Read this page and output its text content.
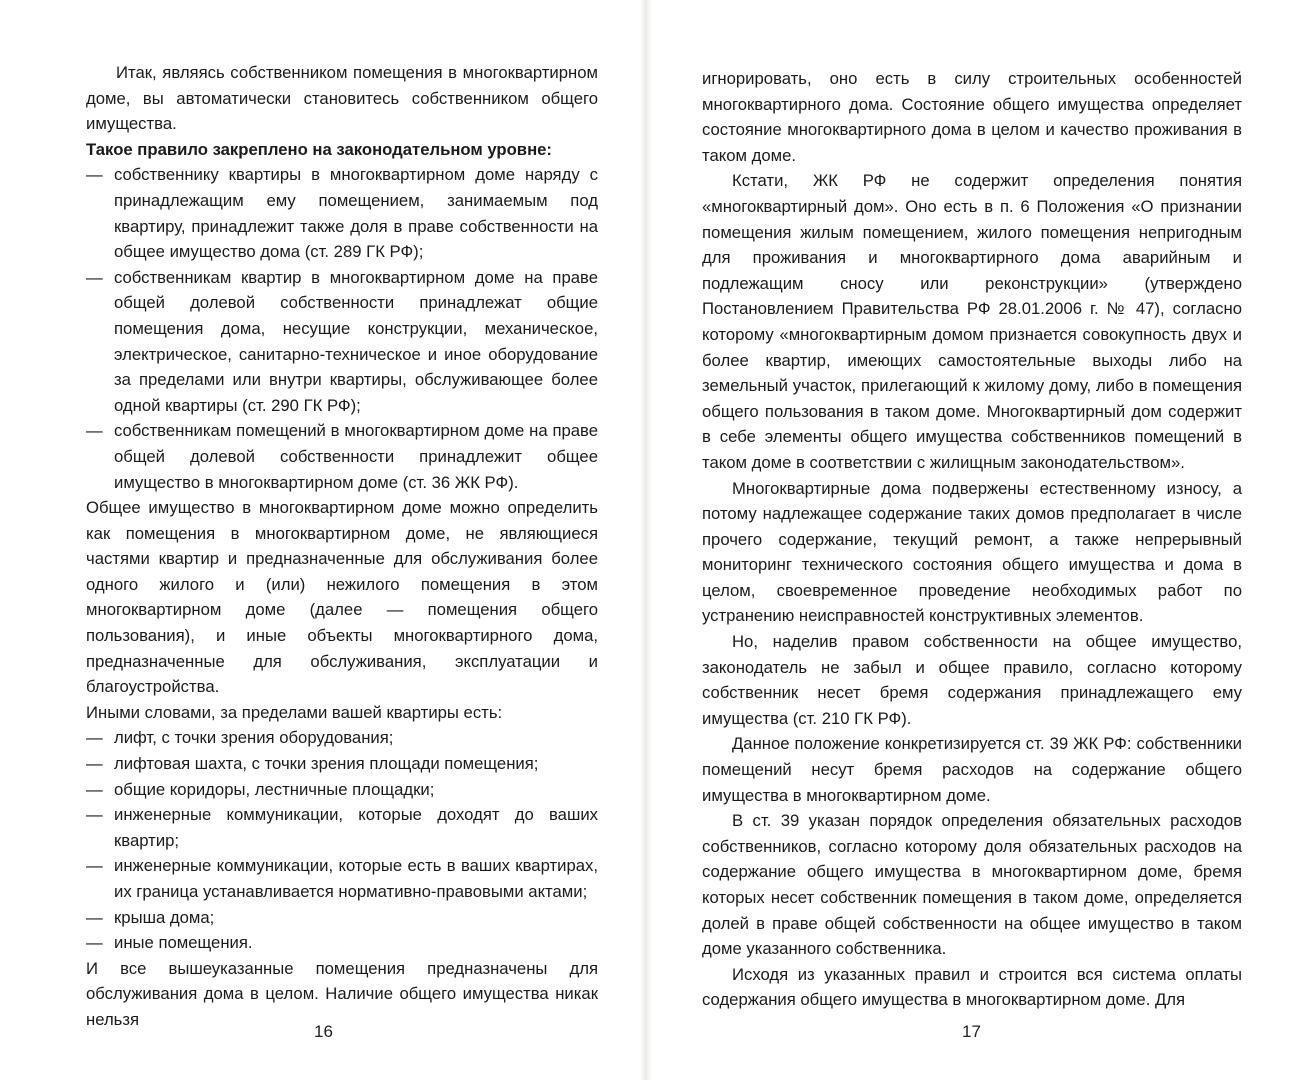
Итак, являясь собственником помещения в многоквартирном доме, вы автоматически становитесь собственником общего имущества.

Такое правило закреплено на законодательном уровне:

— собственнику квартиры в многоквартирном доме наряду с принадлежащим ему помещением, занимаемым под квартиру, принадлежит также доля в праве собственности на общее имущество дома (ст. 289 ГК РФ);
— собственникам квартир в многоквартирном доме на праве общей долевой собственности принадлежат общие помещения дома, несущие конструкции, механическое, электрическое, санитарно-техническое и иное оборудование за пределами или внутри квартиры, обслуживающее более одной квартиры (ст. 290 ГК РФ);
— собственникам помещений в многоквартирном доме на праве общей долевой собственности принадлежит общее имущество в многоквартирном доме (ст. 36 ЖК РФ).

Общее имущество в многоквартирном доме можно определить как помещения в многоквартирном доме, не являющиеся частями квартир и предназначенные для обслуживания более одного жилого и (или) нежилого помещения в этом многоквартирном доме (далее — помещения общего пользования), и иные объекты многоквартирного дома, предназначенные для обслуживания, эксплуатации и благоустройства.

Иными словами, за пределами вашей квартиры есть:

— лифт, с точки зрения оборудования;
— лифтовая шахта, с точки зрения площади помещения;
— общие коридоры, лестничные площадки;
— инженерные коммуникации, которые доходят до ваших квартир;
— инженерные коммуникации, которые есть в ваших квартирах, их граница устанавливается нормативно-правовыми актами;
— крыша дома;
— иные помещения.

И все вышеуказанные помещения предназначены для обслуживания дома в целом. Наличие общего имущества никак нельзя

16

игнорировать, оно есть в силу строительных особенностей многоквартирного дома. Состояние общего имущества определяет состояние многоквартирного дома в целом и качество проживания в таком доме.

Кстати, ЖК РФ не содержит определения понятия «многоквартирный дом». Оно есть в п. 6 Положения «О признании помещения жилым помещением, жилого помещения непригодным для проживания и многоквартирного дома аварийным и подлежащим сносу или реконструкции» (утверждено Постановлением Правительства РФ 28.01.2006 г. № 47), согласно которому «многоквартирным домом признается совокупность двух и более квартир, имеющих самостоятельные выходы либо на земельный участок, прилегающий к жилому дому, либо в помещения общего пользования в таком доме. Многоквартирный дом содержит в себе элементы общего имущества собственников помещений в таком доме в соответствии с жилищным законодательством».

Многоквартирные дома подвержены естественному износу, а потому надлежащее содержание таких домов предполагает в числе прочего содержание, текущий ремонт, а также непрерывный мониторинг технического состояния общего имущества и дома в целом, своевременное проведение необходимых работ по устранению неисправностей конструктивных элементов.

Но, наделив правом собственности на общее имущество, законодатель не забыл и общее правило, согласно которому собственник несет бремя содержания принадлежащего ему имущества (ст. 210 ГК РФ).

Данное положение конкретизируется ст. 39 ЖК РФ: собственники помещений несут бремя расходов на содержание общего имущества в многоквартирном доме.

В ст. 39 указан порядок определения обязательных расходов собственников, согласно которому доля обязательных расходов на содержание общего имущества в многоквартирном доме, бремя которых несет собственник помещения в таком доме, определяется долей в праве общей собственности на общее имущество в таком доме указанного собственника.

Исходя из указанных правил и строится вся система оплаты содержания общего имущества в многоквартирном доме. Для

17
